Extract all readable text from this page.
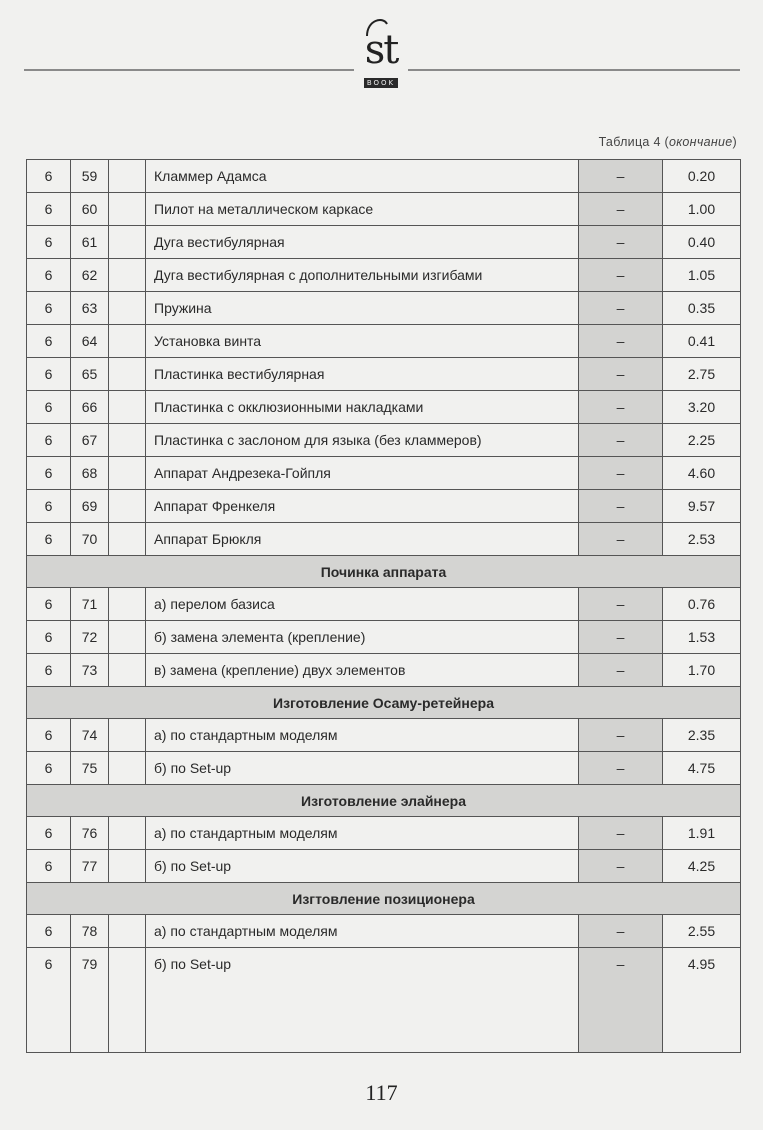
st
BOOK
Таблица 4 (окончание)
6	59		Кламмер Адамса	–	0.20
6	60		Пилот на металлическом каркасе	–	1.00
6	61		Дуга вестибулярная	–	0.40
6	62		Дуга вестибулярная с дополнительными изгибами	–	1.05
6	63		Пружина	–	0.35
6	64		Установка винта	–	0.41
6	65		Пластинка вестибулярная	–	2.75
6	66		Пластинка с окклюзионными накладками	–	3.20
6	67		Пластинка с заслоном для языка (без кламмеров)	–	2.25
6	68		Аппарат Андрезека-Гойпля	–	4.60
6	69		Аппарат Френкеля	–	9.57
6	70		Аппарат Брюкля	–	2.53
Починка аппарата					
6	71		а) перелом базиса	–	0.76
6	72		б) замена элемента (крепление)	–	1.53
6	73		в) замена (крепление) двух элементов	–	1.70
Изготовление Осаму-ретейнера					
6	74		а) по стандартным моделям	–	2.35
6	75		б) по Set-up	–	4.75
Изготовление элайнера					
6	76		а) по стандартным моделям	–	1.91
6	77		б) по Set-up	–	4.25
Изгтовление позиционера					
6	78		а) по стандартным моделям	–	2.55
6	79		б) по Set-up	–	4.95
117
